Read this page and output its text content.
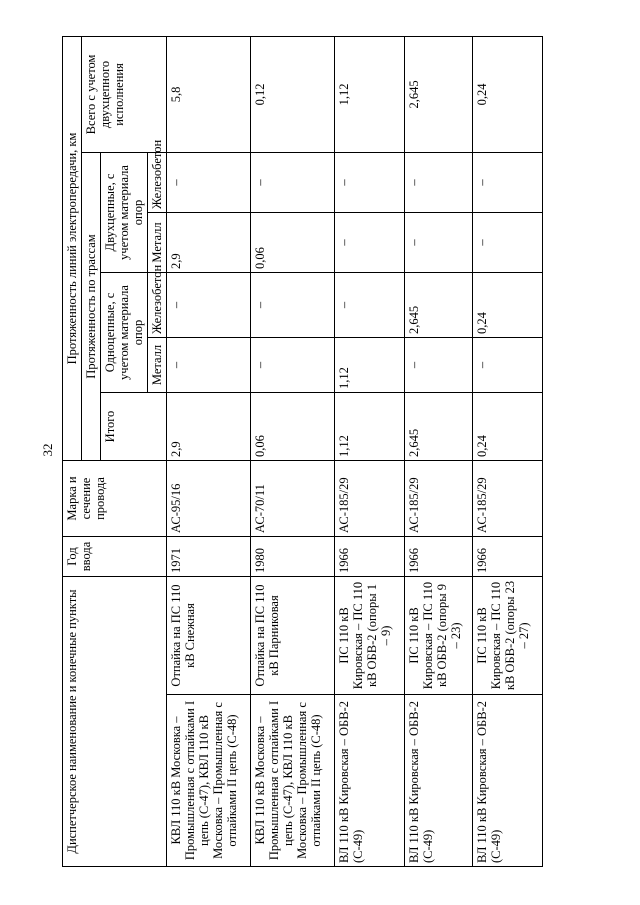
32
Диспетчерское наименование и конечные пункты		Год ввода	Марка и сечение провода	Протяженность линий электропередачи, км					
				Протяженность по трассам					Всего с учетом двухцепного исполнения
				Итого	Одноцепные, с учетом материала опор		Двухцепные, с учетом материала опор		
					Металл	Железобетон	Металл	Железобетон	
КВЛ 110 кВ Московка – Промышленная с отпайками I цепь (С-47), КВЛ 110 кВ Московка – Промышленная с отпайками II цепь (С-48)	Отпайка на ПС 110 кВ Снежная	1971	АС-95/16	2,9	–	–	2,9	–	5,8
КВЛ 110 кВ Московка – Промышленная с отпайками I цепь (С-47), КВЛ 110 кВ Московка – Промышленная с отпайками II цепь (С-48)	Отпайка на ПС 110 кВ Парниковая	1980	АС-70/11	0,06	–	–	0,06	–	0,12
ВЛ 110 кВ Кировская – ОБВ-2 (С-49)	ПС 110 кВ Кировская – ПС 110 кВ ОБВ-2 (опоры 1 – 9)	1966	АС-185/29	1,12	1,12	–	–	–	1,12
ВЛ 110 кВ Кировская – ОБВ-2 (С-49)	ПС 110 кВ Кировская – ПС 110 кВ ОБВ-2 (опоры 9 – 23)	1966	АС-185/29	2,645	–	2,645	–	–	2,645
ВЛ 110 кВ Кировская – ОБВ-2 (С-49)	ПС 110 кВ Кировская – ПС 110 кВ ОБВ-2 (опоры 23 – 27)	1966	АС-185/29	0,24	–	0,24	–	–	0,24
